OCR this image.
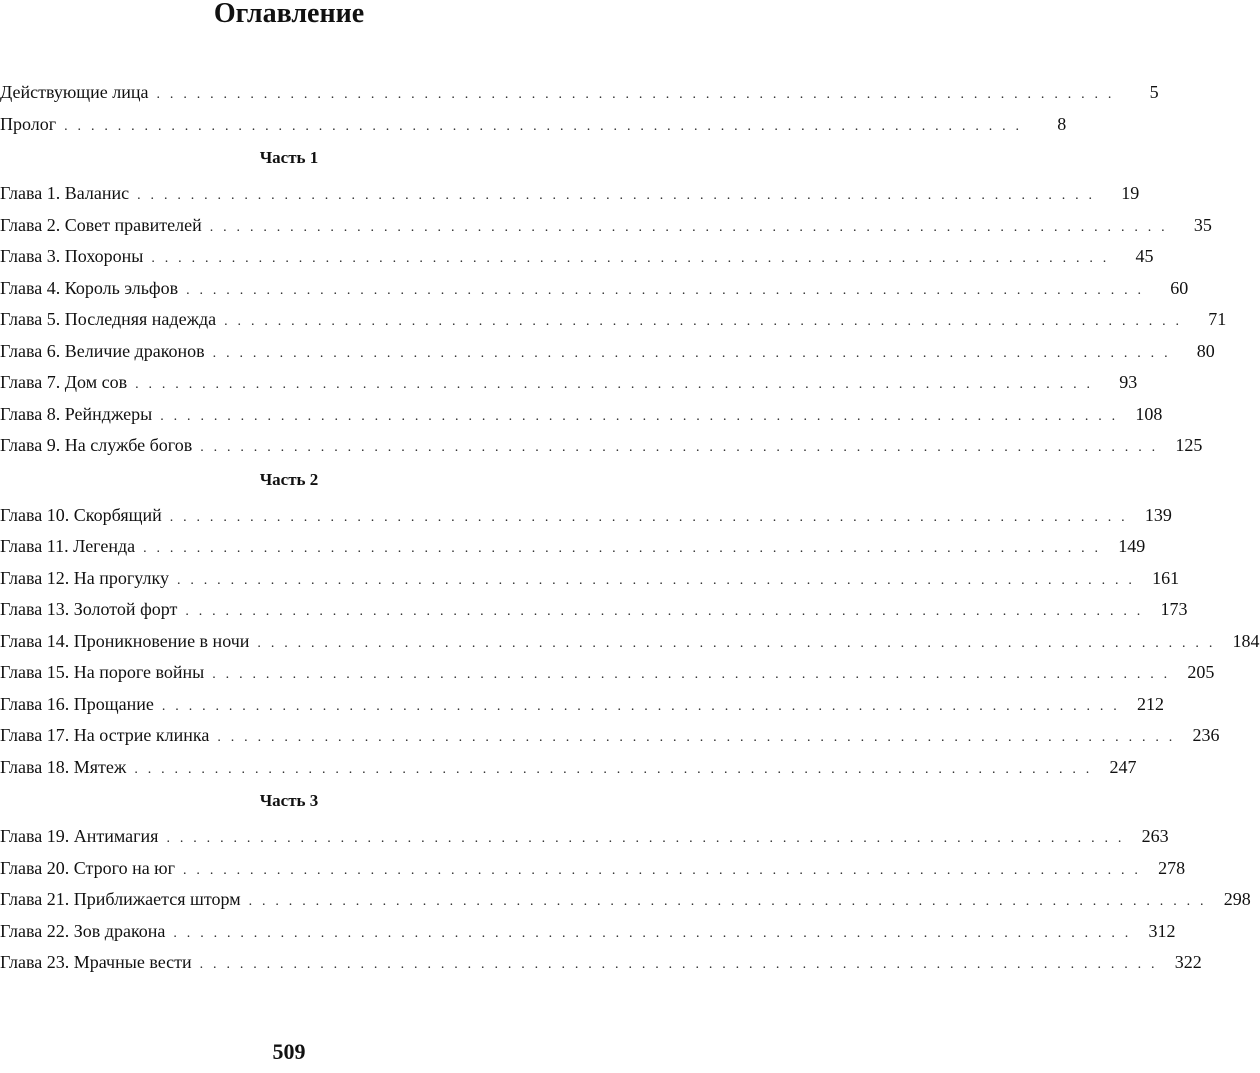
Оглавление
Действующие лица . . . . . . . . . . . . . . . . . . . . . . . . . . . . . . . . . . . . . . . . . . . . . . . . . . . . . . . . . . . . . . . . . . . . . . . .	5
Пролог . . . . . . . . . . . . . . . . . . . . . . . . . . . . . . . . . . . . . . . . . . . . . . . . . . . . . . . . . . . . . . . . . . . . . . . .	8
Часть 1
Глава 1. Валанис . . . . . . . . . . . . . . . . . . . . . . . . . . . . . . . . . . . . . . . . . . . . . . . . . . . . . . . . . . . . . . . . . . . . . . . .	19
Глава 2. Совет правителей . . . . . . . . . . . . . . . . . . . . . . . . . . . . . . . . . . . . . . . . . . . . . . . . . . . . . . . . . . . . . . . . . . . . . . . .	35
Глава 3. Похороны . . . . . . . . . . . . . . . . . . . . . . . . . . . . . . . . . . . . . . . . . . . . . . . . . . . . . . . . . . . . . . . . . . . . . . . .	45
Глава 4. Король эльфов . . . . . . . . . . . . . . . . . . . . . . . . . . . . . . . . . . . . . . . . . . . . . . . . . . . . . . . . . . . . . . . . . . . . . . . .	60
Глава 5. Последняя надежда . . . . . . . . . . . . . . . . . . . . . . . . . . . . . . . . . . . . . . . . . . . . . . . . . . . . . . . . . . . . . . . . . . . . . . . .	71
Глава 6. Величие драконов . . . . . . . . . . . . . . . . . . . . . . . . . . . . . . . . . . . . . . . . . . . . . . . . . . . . . . . . . . . . . . . . . . . . . . . .	80
Глава 7. Дом сов . . . . . . . . . . . . . . . . . . . . . . . . . . . . . . . . . . . . . . . . . . . . . . . . . . . . . . . . . . . . . . . . . . . . . . . .	93
Глава 8. Рейнджеры . . . . . . . . . . . . . . . . . . . . . . . . . . . . . . . . . . . . . . . . . . . . . . . . . . . . . . . . . . . . . . . . . . . . . . . . 108
Глава 9. На службе богов . . . . . . . . . . . . . . . . . . . . . . . . . . . . . . . . . . . . . . . . . . . . . . . . . . . . . . . . . . . . . . . . . . . . . . . . 125
Часть 2
Глава 10. Скорбящий . . . . . . . . . . . . . . . . . . . . . . . . . . . . . . . . . . . . . . . . . . . . . . . . . . . . . . . . . . . . . . . . . . . . . . . . 139
Глава 11. Легенда . . . . . . . . . . . . . . . . . . . . . . . . . . . . . . . . . . . . . . . . . . . . . . . . . . . . . . . . . . . . . . . . . . . . . . . . 149
Глава 12. На прогулку . . . . . . . . . . . . . . . . . . . . . . . . . . . . . . . . . . . . . . . . . . . . . . . . . . . . . . . . . . . . . . . . . . . . . . . . 161
Глава 13. Золотой форт . . . . . . . . . . . . . . . . . . . . . . . . . . . . . . . . . . . . . . . . . . . . . . . . . . . . . . . . . . . . . . . . . . . . . . . . 173
Глава 14. Проникновение в ночи . . . . . . . . . . . . . . . . . . . . . . . . . . . . . . . . . . . . . . . . . . . . . . . . . . . . . . . . . . . . . . . . . . . . . . . . 184
Глава 15. На пороге войны . . . . . . . . . . . . . . . . . . . . . . . . . . . . . . . . . . . . . . . . . . . . . . . . . . . . . . . . . . . . . . . . . . . . . . . . 205
Глава 16. Прощание . . . . . . . . . . . . . . . . . . . . . . . . . . . . . . . . . . . . . . . . . . . . . . . . . . . . . . . . . . . . . . . . . . . . . . . . 212
Глава 17. На острие клинка . . . . . . . . . . . . . . . . . . . . . . . . . . . . . . . . . . . . . . . . . . . . . . . . . . . . . . . . . . . . . . . . . . . . . . . . 236
Глава 18. Мятеж . . . . . . . . . . . . . . . . . . . . . . . . . . . . . . . . . . . . . . . . . . . . . . . . . . . . . . . . . . . . . . . . . . . . . . . . 247
Часть 3
Глава 19. Антимагия . . . . . . . . . . . . . . . . . . . . . . . . . . . . . . . . . . . . . . . . . . . . . . . . . . . . . . . . . . . . . . . . . . . . . . . . 263
Глава 20. Строго на юг . . . . . . . . . . . . . . . . . . . . . . . . . . . . . . . . . . . . . . . . . . . . . . . . . . . . . . . . . . . . . . . . . . . . . . . . 278
Глава 21. Приближается шторм . . . . . . . . . . . . . . . . . . . . . . . . . . . . . . . . . . . . . . . . . . . . . . . . . . . . . . . . . . . . . . . . . . . . . . . . 298
Глава 22. Зов дракона . . . . . . . . . . . . . . . . . . . . . . . . . . . . . . . . . . . . . . . . . . . . . . . . . . . . . . . . . . . . . . . . . . . . . . . . 312
Глава 23. Мрачные вести . . . . . . . . . . . . . . . . . . . . . . . . . . . . . . . . . . . . . . . . . . . . . . . . . . . . . . . . . . . . . . . . . . . . . . . . 322
509
